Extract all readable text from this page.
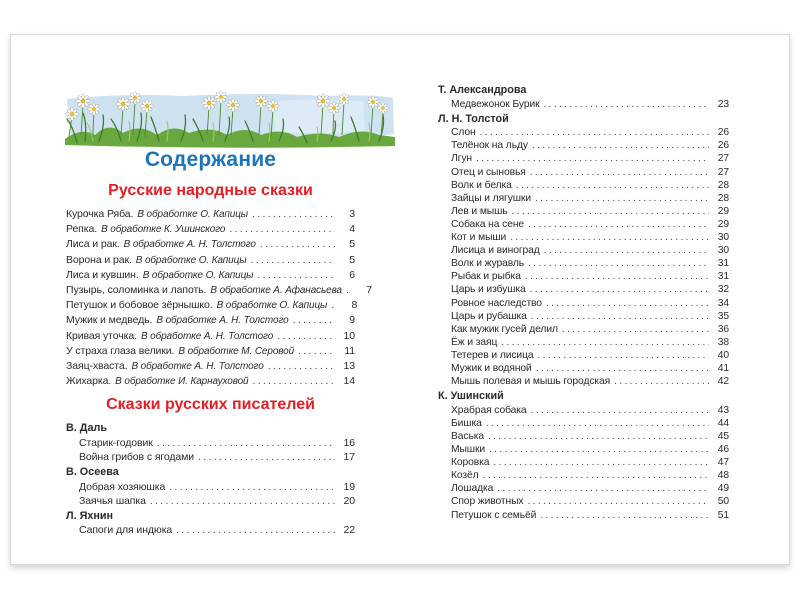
Содержание
Русские народные сказки
Курочка Ряба. В обработке О. Капицы .....	3
Репка. В обработке К. Ушинского .....	4
Лиса и рак. В обработке А. Н. Толстого .....	5
Ворона и рак. В обработке О. Капицы .....	5
Лиса и кувшин. В обработке О. Капицы .....	6
Пузырь, соломинка и лапоть. В обработке А. Афанасьева .....	7
Петушок и бобовое зёрнышко. В обработке О. Капицы .....	8
Мужик и медведь. В обработке А. Н. Толстого .....	9
Кривая уточка. В обработке А. Н. Толстого .....	10
У страха глаза велики. В обработке М. Серовой .....	11
Заяц-хваста. В обработке А. Н. Толстого .....	13
Жихарка. В обработке И. Карнауховой .....	14
Сказки русских писателей
В. Даль
Старик-годовик .....	16
Война грибов с ягодами .....	17
В. Осеева
Добрая хозяюшка .....	19
Заячья шапка .....	20
Л. Яхнин
Сапоги для индюка .....	22
Т. Александрова
Медвежонок Бурик .....	23
Л. Н. Толстой
Слон .....	26
Телёнок на льду .....	26
Лгун .....	27
Отец и сыновья .....	27
Волк и белка .....	28
Зайцы и лягушки .....	28
Лев и мышь .....	29
Собака на сене .....	29
Кот и мыши .....	30
Лисица и виноград .....	30
Волк и журавль .....	31
Рыбак и рыбка .....	31
Царь и избушка .....	32
Ровное наследство .....	34
Царь и рубашка .....	35
Как мужик гусей делил .....	36
Ёж и заяц .....	38
Тетерев и лисица .....	40
Мужик и водяной .....	41
Мышь полевая и мышь городская .....	42
К. Ушинский
Храбрая собака .....	43
Бишка .....	44
Васька .....	45
Мышки .....	46
Коровка .....	47
Козёл .....	48
Лошадка .....	49
Спор животных .....	50
Петушок с семьёй .....	51
